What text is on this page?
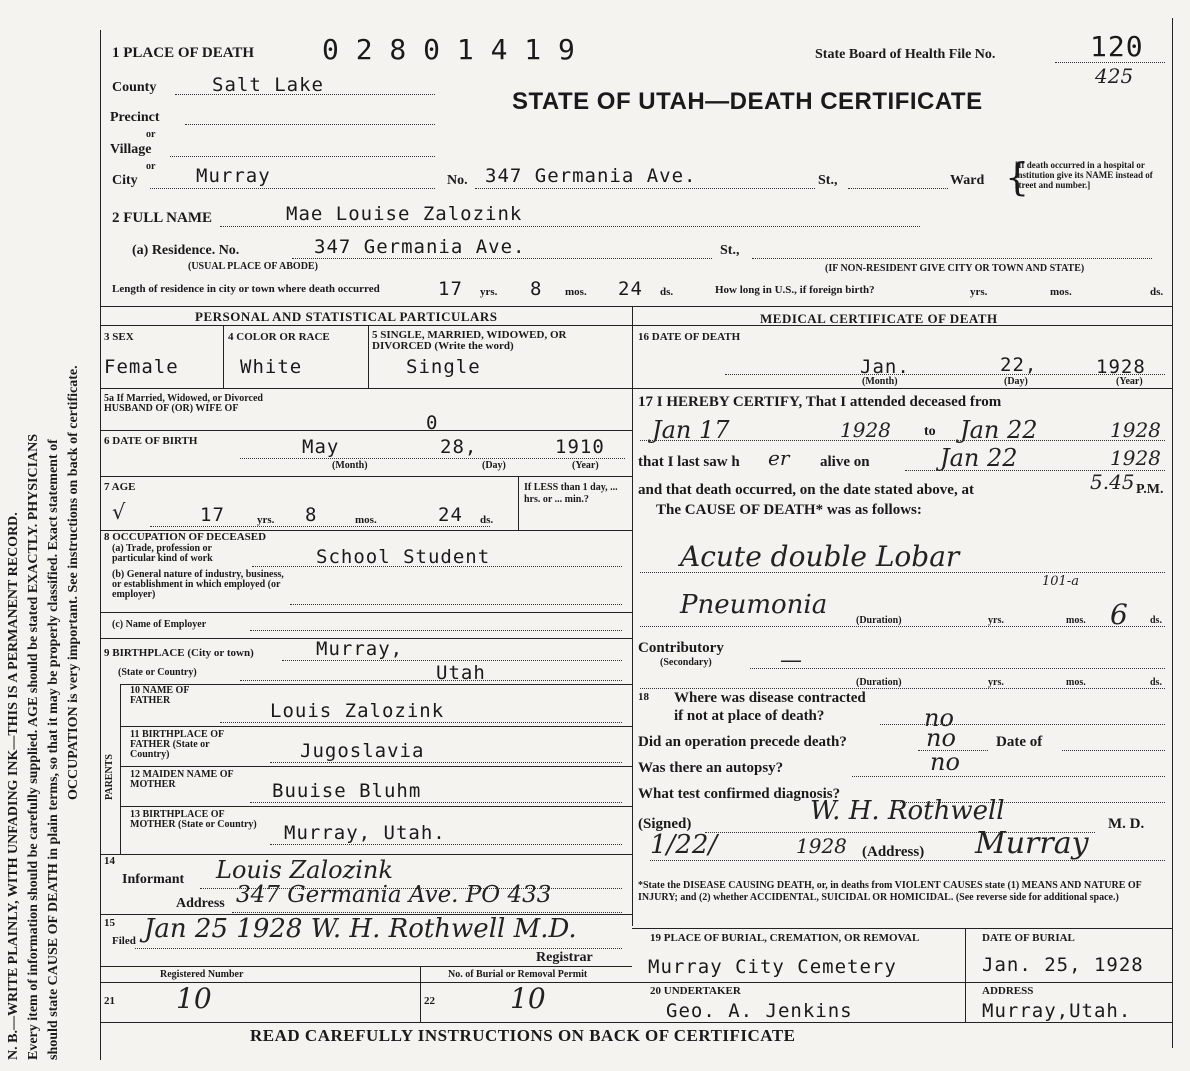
N. B.—WRITE PLAINLY, WITH UNFADING INK—THIS IS A PERMANENT RECORD. Every item of information should be carefully supplied. AGE should be stated EXACTLY. PHYSICIANS should state CAUSE OF DEATH in plain terms, so that it may be properly classified. Exact statement of OCCUPATION is very important. See instructions on back of certificate.
1 PLACE OF DEATH 0 2 8 0 1 4 1 9	State Board of Health File No.	120
425
STATE OF UTAH—DEATH CERTIFICATE
County	Salt Lake
Precinct
or
Village
or
City	Murray	No. 347 Germania Ave.	St.,	Ward {
[If death occurred in a hospital or institution give its NAME instead of street and number.]
2 FULL NAME	Mae Louise Zalozink
(a) Residence. No.	347 Germania Ave.	St.,
(USUAL PLACE OF ABODE)	(IF NON-RESIDENT GIVE CITY OR TOWN AND STATE)
Length of residence in city or town where death occurred	17 yrs. 8 mos. 24 ds.	How long in U.S., if foreign birth?	yrs.	mos.	ds.
PERSONAL AND STATISTICAL PARTICULARS	MEDICAL CERTIFICATE OF DEATH
3 SEX
Female
4 COLOR OR RACE
White
5 SINGLE, MARRIED, WIDOWED, OR DIVORCED (Write the word)
Single
5a If Married, Widowed, or Divorced HUSBAND OF (OR) WIFE OF
0
6 DATE OF BIRTH	May	28,	1910
(Month)	(Day)	(Year)
7 AGE
√	17	yrs. 8	mos.	24 ds.
If LESS than 1 day, ... hrs. or ... min.?
8 OCCUPATION OF DECEASED
(a) Trade, profession or particular kind of work
(b) General nature of industry, business, or establishment in which employed (or employer)
School Student
(c) Name of Employer
9 BIRTHPLACE (City or town)	Murray,
(State or Country)	Utah
PARENTS
10 NAME OF FATHER	Louis Zalozink
11 BIRTHPLACE OF FATHER (State or Country)	Jugoslavia
12 MAIDEN NAME OF MOTHER	Buuise Bluhm
13 BIRTHPLACE OF MOTHER (State or Country)	Murray, Utah.
14
Informant Louis Zalozink
Address 347 Germania Ave. PO 433
15
Filed Jan 25 1928 W. H. Rothwell M.D.
Registrar
Registered Number	No. of Burial or Removal Permit
21 10	22	10
16 DATE OF DEATH
Jan.	22,	1928
(Month)	(Day)	(Year)
17 I HEREBY CERTIFY, That I attended deceased from
Jan 17	1928 to Jan 22	1928
that I last saw h er alive on	Jan 22	1928
and that death occurred, on the date stated above, at	5.45 P.M.
The CAUSE OF DEATH* was as follows:
Acute double Lobar
101-a
Pneumonia
(Duration)	yrs.	mos. 6 ds.
Contributory
(Secondary)	—
(Duration)	yrs.	mos.	ds.
18 Where was disease contracted
if not at place of death?	no
Did an operation precede death?	no	Date of
Was there an autopsy?	no
What test confirmed diagnosis?
(Signed)	W. H. Rothwell	M. D.
1/22/	1928 (Address) Murray
*State the DISEASE CAUSING DEATH, or, in deaths from VIOLENT CAUSES state (1) MEANS AND NATURE OF INJURY; and (2) whether ACCIDENTAL, SUICIDAL OR HOMICIDAL. (See reverse side for additional space.)
19 PLACE OF BURIAL, CREMATION, OR REMOVAL
Murray City Cemetery
DATE OF BURIAL
Jan. 25, 1928
20 UNDERTAKER
Geo. A. Jenkins
ADDRESS
Murray,Utah.
READ CAREFULLY INSTRUCTIONS ON BACK OF CERTIFICATE
